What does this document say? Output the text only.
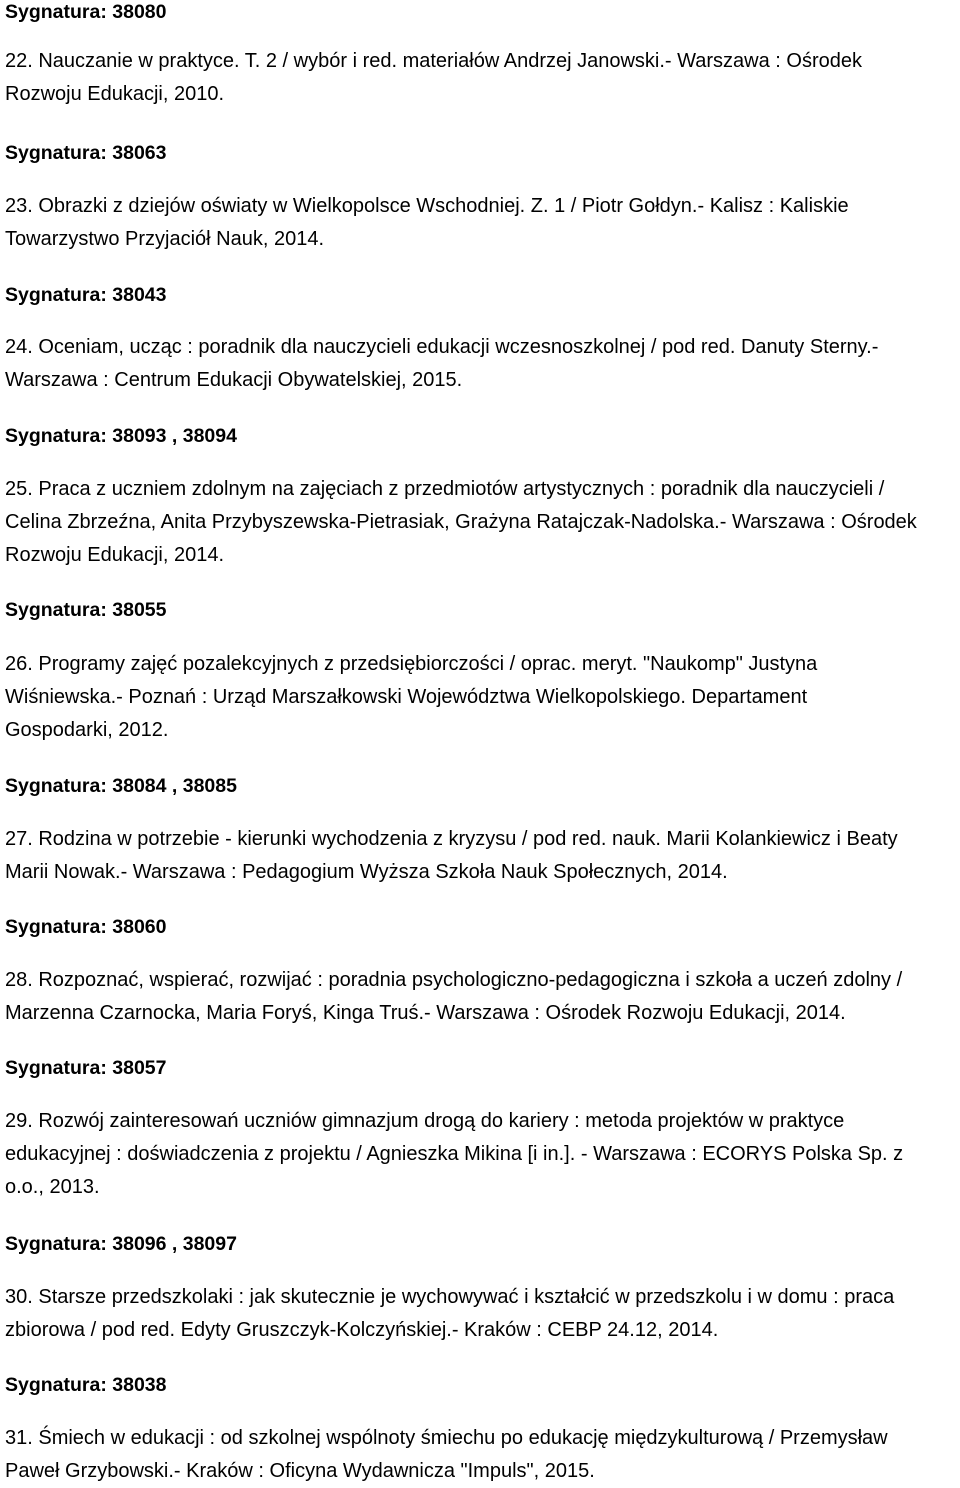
Sygnatura: 38080
22. Nauczanie w praktyce. T. 2 / wybór i red. materiałów Andrzej Janowski.- Warszawa : Ośrodek
Rozwoju Edukacji, 2010.
Sygnatura: 38063
23. Obrazki z dziejów oświaty w Wielkopolsce Wschodniej. Z. 1 / Piotr Gołdyn.- Kalisz : Kaliskie
Towarzystwo Przyjaciół Nauk, 2014.
Sygnatura: 38043
24. Oceniam, ucząc : poradnik dla nauczycieli edukacji wczesnoszkolnej / pod red. Danuty Sterny.-
Warszawa : Centrum Edukacji Obywatelskiej, 2015.
Sygnatura: 38093 , 38094
25. Praca z uczniem zdolnym na zajęciach z przedmiotów artystycznych : poradnik dla nauczycieli /
Celina Zbrzeźna, Anita Przybyszewska-Pietrasiak, Grażyna Ratajczak-Nadolska.- Warszawa : Ośrodek
Rozwoju Edukacji, 2014.
Sygnatura: 38055
26. Programy zajęć pozalekcyjnych z przedsiębiorczości / oprac. meryt. "Naukomp" Justyna
Wiśniewska.- Poznań : Urząd Marszałkowski Województwa Wielkopolskiego. Departament
Gospodarki, 2012.
Sygnatura: 38084 , 38085
27. Rodzina w potrzebie - kierunki wychodzenia z kryzysu / pod red. nauk. Marii Kolankiewicz i Beaty
Marii Nowak.- Warszawa : Pedagogium Wyższa Szkoła Nauk Społecznych, 2014.
Sygnatura: 38060
28. Rozpoznać, wspierać, rozwijać : poradnia psychologiczno-pedagogiczna i szkoła a uczeń zdolny /
Marzenna Czarnocka, Maria Foryś, Kinga Truś.- Warszawa : Ośrodek Rozwoju Edukacji, 2014.
Sygnatura: 38057
29. Rozwój zainteresowań uczniów gimnazjum drogą do kariery : metoda projektów w praktyce
edukacyjnej : doświadczenia z projektu / Agnieszka Mikina [i in.]. - Warszawa : ECORYS Polska Sp. z
o.o., 2013.
Sygnatura: 38096 , 38097
30. Starsze przedszkolaki : jak skutecznie je wychowywać i kształcić w przedszkolu i w domu : praca
zbiorowa / pod red. Edyty Gruszczyk-Kolczyńskiej.- Kraków : CEBP 24.12, 2014.
Sygnatura: 38038
31. Śmiech w edukacji : od szkolnej wspólnoty śmiechu po edukację międzykulturową / Przemysław
Paweł Grzybowski.- Kraków : Oficyna Wydawnicza "Impuls", 2015.
